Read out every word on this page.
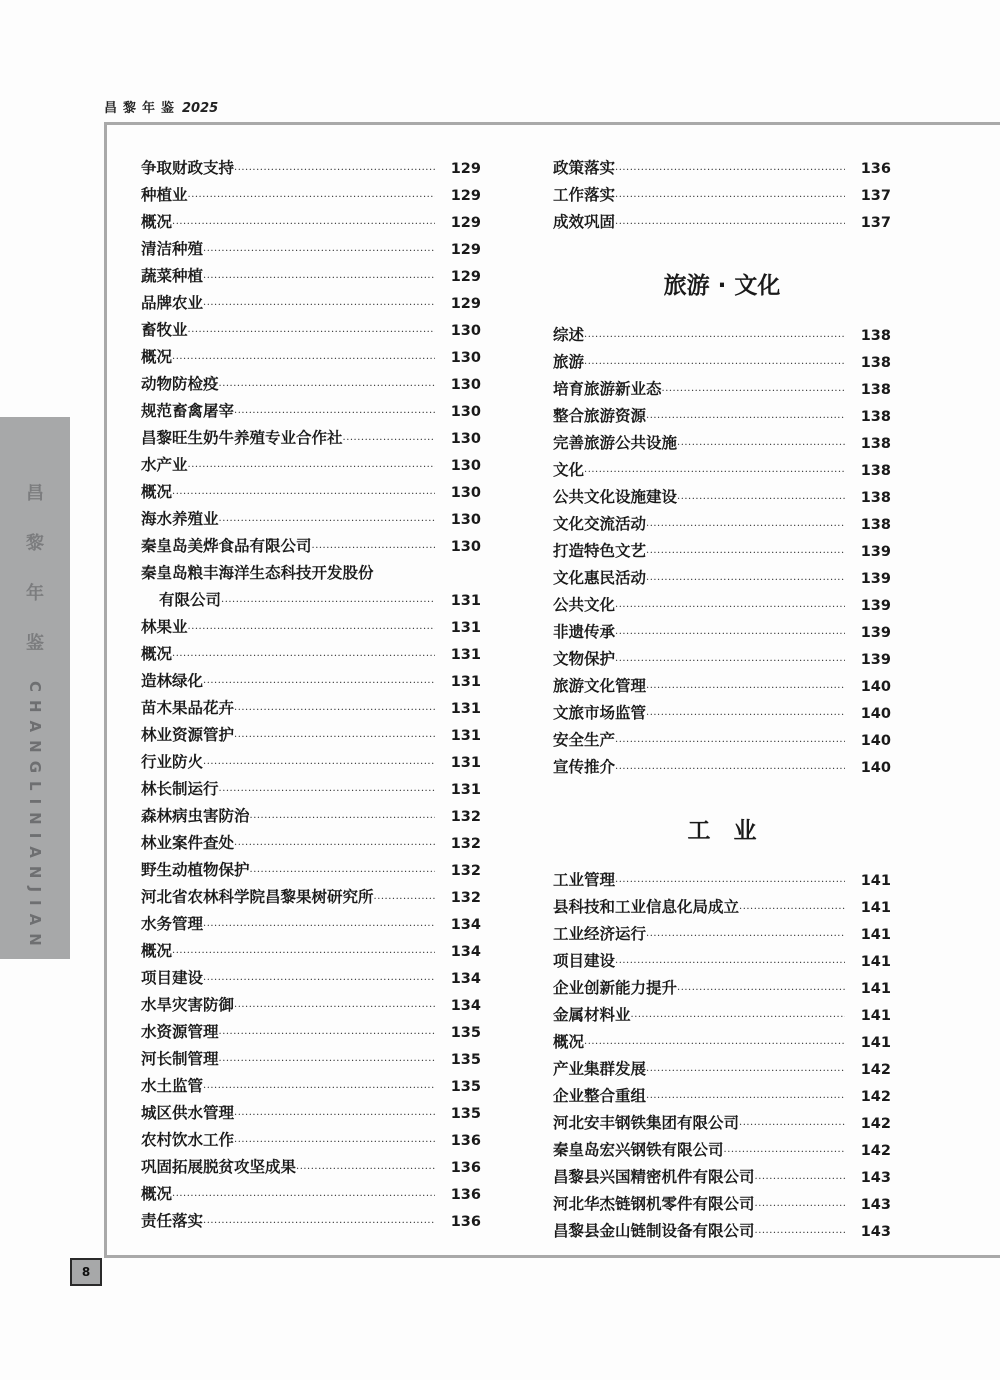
昌黎年鉴 2025
昌
黎
年
鉴
CHANGLINIANJIAN
8
争取财政支持 ·····	129
种植业 ·····	129
概况 ·····	129
清洁种殖 ·····	129
蔬菜种植 ·····	129
品牌农业 ·····	129
畜牧业 ·····	130
概况 ·····	130
动物防检疫 ·····	130
规范畜禽屠宰 ·····	130
昌黎旺生奶牛养殖专业合作社 ·····	130
水产业 ·····	130
概况 ·····	130
海水养殖业 ·····	130
秦皇岛美烨食品有限公司 ·····	130
秦皇岛粮丰海洋生态科技开发股份
有限公司 ·····	131
林果业 ·····	131
概况 ·····	131
造林绿化 ·····	131
苗木果品花卉 ·····	131
林业资源管护 ·····	131
行业防火 ·····	131
林长制运行 ·····	131
森林病虫害防治 ·····	132
林业案件查处 ·····	132
野生动植物保护 ·····	132
河北省农林科学院昌黎果树研究所 ·····	132
水务管理 ·····	134
概况 ·····	134
项目建设 ·····	134
水旱灾害防御 ·····	134
水资源管理 ·····	135
河长制管理 ·····	135
水土监管 ·····	135
城区供水管理 ·····	135
农村饮水工作 ·····	136
巩固拓展脱贫攻坚成果 ·····	136
概况 ·····	136
责任落实 ·····	136
政策落实 ·····	136
工作落实 ·····	137
成效巩固 ·····	137
旅游 · 文化
综述 ·····	138
旅游 ·····	138
培育旅游新业态 ·····	138
整合旅游资源 ·····	138
完善旅游公共设施 ·····	138
文化 ·····	138
公共文化设施建设 ·····	138
文化交流活动 ·····	138
打造特色文艺 ·····	139
文化惠民活动 ·····	139
公共文化 ·····	139
非遗传承 ·····	139
文物保护 ·····	139
旅游文化管理 ·····	140
文旅市场监管 ·····	140
安全生产 ·····	140
宣传推介 ·····	140
工　业
工业管理 ·····	141
县科技和工业信息化局成立 ·····	141
工业经济运行 ·····	141
项目建设 ·····	141
企业创新能力提升 ·····	141
金属材料业 ·····	141
概况 ·····	141
产业集群发展 ·····	142
企业整合重组 ·····	142
河北安丰钢铁集团有限公司 ·····	142
秦皇岛宏兴钢铁有限公司 ·····	142
昌黎县兴国精密机件有限公司 ·····	143
河北华杰链钢机零件有限公司 ·····	143
昌黎县金山链制设备有限公司 ·····	143
